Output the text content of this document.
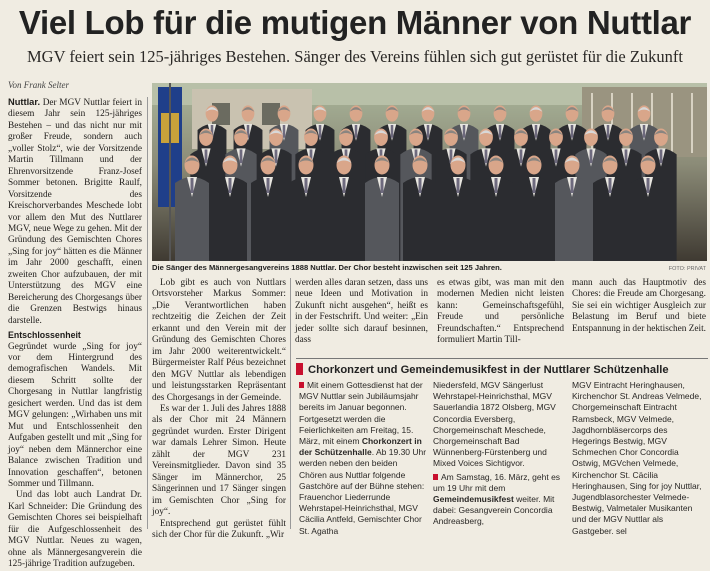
Viel Lob für die mutigen Männer von Nuttlar
MGV feiert sein 125-jähriges Bestehen. Sänger des Vereins fühlen sich gut gerüstet für die Zukunft
Von Frank Selter

Nuttlar. Der MGV Nuttlar feiert in diesem Jahr sein 125-jähriges Bestehen – und das nicht nur mit großer Freude, sondern auch „voller Stolz“, wie der Vorsitzende Martin Tillmann und der Ehrenvorsitzende Franz-Josef Sommer betonen. Brigitte Raulf, Vorsitzende des Kreischorverbandes Meschede lobt vor allem den Mut des Nuttlarer MGV, neue Wege zu gehen. Mit der Gründung des Gemischten Chores „Sing for joy“ hätten es die Männer im Jahr 2000 geschafft, einen zweiten Chor aufzubauen, der mit Unterstützung des MGV eine Bereicherung des Chorgesangs über die Grenzen Bestwigs hinaus darstelle.

Entschlossenheit

Gegründet wurde „Sing for joy“ vor dem Hintergrund des demografischen Wandels. Mit diesem Schritt sollte der Chorgesang in Nuttlar langfristig gesichert werden. Und das ist dem MGV gelungen: „Wirhaben uns mit Mut und Entschlossenheit den Aufgaben gestellt und mit „Sing for joy“ neben dem Männerchor eine Balance zwischen Tradition und Innovation geschaffen“, betonen Sommer und Tillmann.

Und das lobt auch Landrat Dr. Karl Schneider: Die Gründung des Gemischten Chores sei beispielhaft für die Aufgeschlossenheit des MGV Nuttlar. Neues zu wagen, ohne als Männergesangverein die 125-jährige Tradition aufzugeben.

Die Sänger des Männergesangvereins 1888 Nuttlar. Der Chor besteht inzwischen seit 125 Jahren.	FOTO: PRIVAT

Lob gibt es auch von Nuttlars Ortsvorsteher Markus Sommer: „Die Verantwortlichen haben rechtzeitig die Zeichen der Zeit erkannt und den Verein mit der Gründung des Gemischten Chores im Jahr 2000 weiterentwickelt.“ Bürgermeister Ralf Péus bezeichnet den MGV Nuttlar als lebendigen und leistungsstarken Repräsentant des Chorgesangs in der Gemeinde.

Es war der 1. Juli des Jahres 1888 als der Chor mit 24 Männern gegründet wurden. Erster Dirigent war damals Lehrer Simon. Heute zählt der MGV 231 Vereinsmitglieder. Davon sind 35 Sänger im Männerchor, 25 Sängerinnen und 17 Sänger singen im Gemischten Chor „Sing for joy“.

Entsprechend gut gerüstet fühlt sich der Chor für die Zukunft. „Wir

werden alles daran setzen, dass uns neue Ideen und Motivation in Zukunft nicht ausgehen“, heißt es in der Festschrift. Und weiter: „Ein jeder sollte sich darauf besinnen, dass

es etwas gibt, was man mit den modernen Medien nicht leisten kann: Gemeinschaftsgefühl, Freude und persönliche Freundschaften.“ Entsprechend formuliert Martin Till-

mann auch das Hauptmotiv des Chores: die Freude am Chorgesang. Sie sei ein wichtiger Ausgleich zur Belastung im Beruf und biete Entspannung in der hektischen Zeit.

Chorkonzert und Gemeindemusikfest in der Nuttlarer Schützenhalle

Mit einem Gottesdienst hat der MGV Nuttlar sein Jubiläumsjahr bereits im Januar begonnen. Fortgesetzt werden die Feierlichkeiten am Freitag, 15. März, mit einem Chorkonzert in der Schützenhalle. Ab 19.30 Uhr werden neben den beiden Chören aus Nuttlar folgende Gastchöre auf der Bühne stehen: Frauenchor Liederrunde Wehrstapel-Heinrichsthal, MGV Cäcilia Antfeld, Gemischter Chor St. Agatha

Niedersfeld, MGV Sängerlust Wehrstapel-Heinrichsthal, MGV Sauerlandia 1872 Olsberg, MGV Concordia Eversberg, Chorgemeinschaft Meschede, Chorgemeinschaft Bad Wünnenberg-Fürstenberg und Mixed Voices Sichtigvor.

Am Samstag, 16. März, geht es um 19 Uhr mit dem Gemeindemusikfest weiter. Mit dabei: Gesangverein Concordia Andreasberg,

MGV Eintracht Heringhausen, Kirchenchor St. Andreas Velmede, Chorgemeinschaft Eintracht Ramsbeck, MGV Velmede, Jagdhornbläsercorps des Hegerings Bestwig, MGV Schmechen Chor Concordia Ostwig, MGVchen Velmede, Kirchenchor St. Cäcilia Heringhausen, Sing for joy Nuttlar, Jugendblasorchester Velmede-Bestwig, Valmetaler Musikanten und der MGV Nuttlar als Gastgeber. sel
